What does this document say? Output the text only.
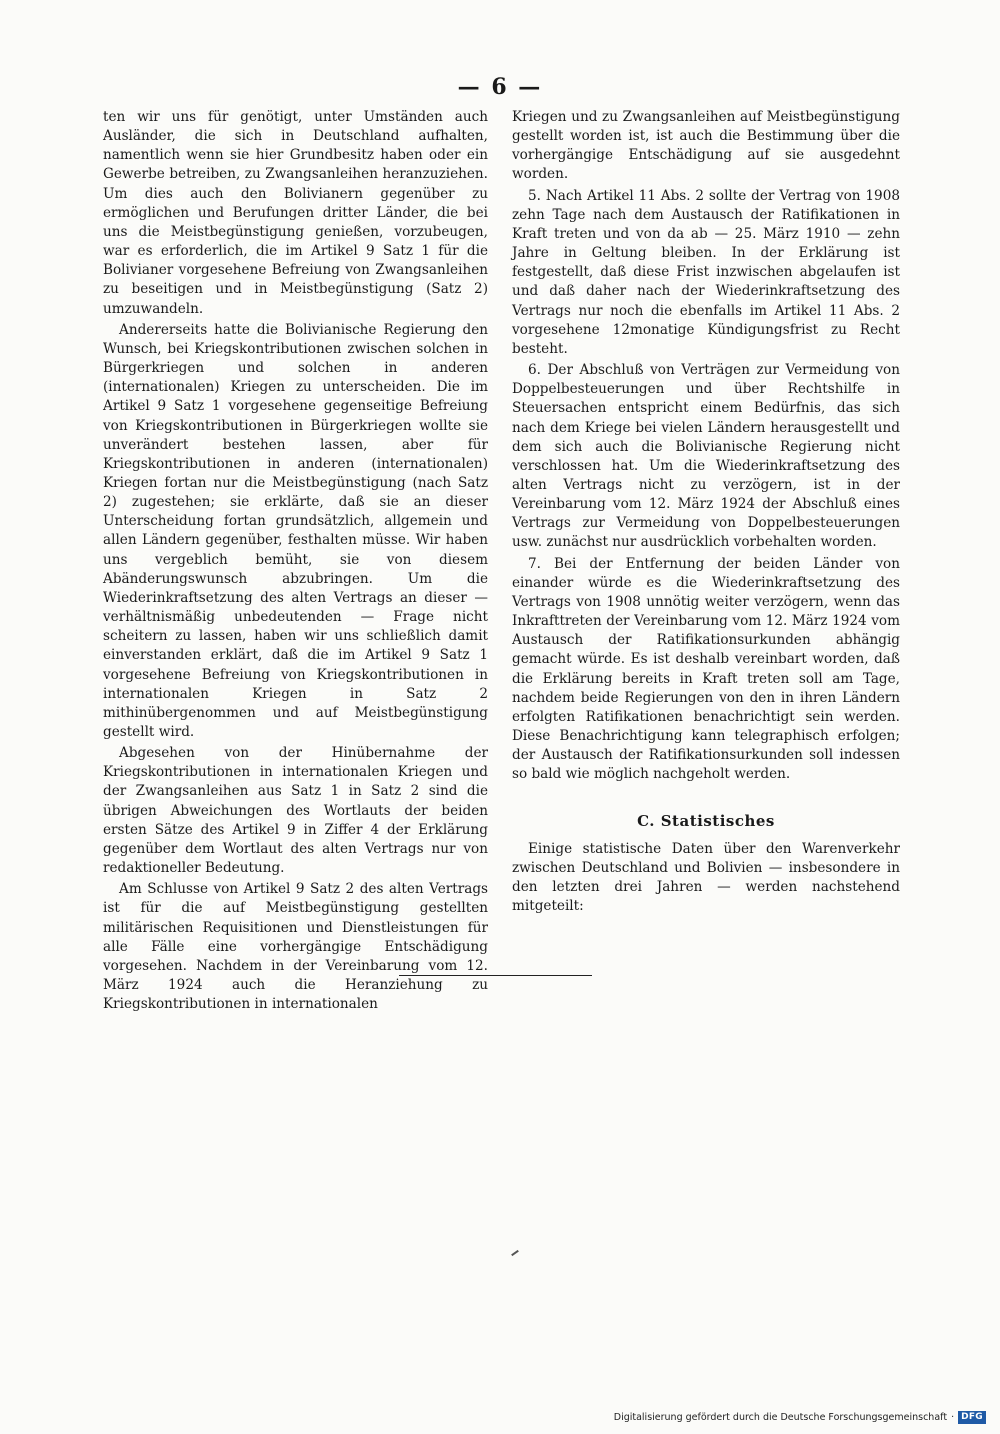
— 6 —

ten wir uns für genötigt, unter Umständen auch Ausländer, die sich in Deutschland aufhalten, namentlich wenn sie hier Grundbesitz haben oder ein Gewerbe betreiben, zu Zwangsanleihen heranzuziehen. Um dies auch den Bolivianern gegenüber zu ermöglichen und Berufungen dritter Länder, die bei uns die Meistbegünstigung genießen, vorzubeugen, war es erforderlich, die im Artikel 9 Satz 1 für die Bolivianer vorgesehene Befreiung von Zwangsanleihen zu beseitigen und in Meistbegünstigung (Satz 2) umzuwandeln.

Andererseits hatte die Bolivianische Regierung den Wunsch, bei Kriegskontributionen zwischen solchen in Bürgerkriegen und solchen in anderen (internationalen) Kriegen zu unterscheiden. Die im Artikel 9 Satz 1 vorgesehene gegenseitige Befreiung von Kriegskontributionen in Bürgerkriegen wollte sie unverändert bestehen lassen, aber für Kriegskontributionen in anderen (internationalen) Kriegen fortan nur die Meistbegünstigung (nach Satz 2) zugestehen; sie erklärte, daß sie an dieser Unterscheidung fortan grundsätzlich, allgemein und allen Ländern gegenüber, festhalten müsse. Wir haben uns vergeblich bemüht, sie von diesem Abänderungswunsch abzubringen. Um die Wiederinkraftsetzung des alten Vertrags an dieser — verhältnismäßig unbedeutenden — Frage nicht scheitern zu lassen, haben wir uns schließlich damit einverstanden erklärt, daß die im Artikel 9 Satz 1 vorgesehene Befreiung von Kriegskontributionen in internationalen Kriegen in Satz 2 mithinübergenommen und auf Meistbegünstigung gestellt wird.

Abgesehen von der Hinübernahme der Kriegskontributionen in internationalen Kriegen und der Zwangsanleihen aus Satz 1 in Satz 2 sind die übrigen Abweichungen des Wortlauts der beiden ersten Sätze des Artikel 9 in Ziffer 4 der Erklärung gegenüber dem Wortlaut des alten Vertrags nur von redaktioneller Bedeutung.

Am Schlusse von Artikel 9 Satz 2 des alten Vertrags ist für die auf Meistbegünstigung gestellten militärischen Requisitionen und Dienstleistungen für alle Fälle eine vorhergängige Entschädigung vorgesehen. Nachdem in der Vereinbarung vom 12. März 1924 auch die Heranziehung zu Kriegskontributionen in internationalen

Kriegen und zu Zwangsanleihen auf Meistbegünstigung gestellt worden ist, ist auch die Bestimmung über die vorhergängige Entschädigung auf sie ausgedehnt worden.

5. Nach Artikel 11 Abs. 2 sollte der Vertrag von 1908 zehn Tage nach dem Austausch der Ratifikationen in Kraft treten und von da ab — 25. März 1910 — zehn Jahre in Geltung bleiben. In der Erklärung ist festgestellt, daß diese Frist inzwischen abgelaufen ist und daß daher nach der Wiederinkraftsetzung des Vertrags nur noch die ebenfalls im Artikel 11 Abs. 2 vorgesehene 12monatige Kündigungsfrist zu Recht besteht.

6. Der Abschluß von Verträgen zur Vermeidung von Doppelbesteuerungen und über Rechtshilfe in Steuersachen entspricht einem Bedürfnis, das sich nach dem Kriege bei vielen Ländern herausgestellt und dem sich auch die Bolivianische Regierung nicht verschlossen hat. Um die Wiederinkraftsetzung des alten Vertrags nicht zu verzögern, ist in der Vereinbarung vom 12. März 1924 der Abschluß eines Vertrags zur Vermeidung von Doppelbesteuerungen usw. zunächst nur ausdrücklich vorbehalten worden.

7. Bei der Entfernung der beiden Länder von einander würde es die Wiederinkraftsetzung des Vertrags von 1908 unnötig weiter verzögern, wenn das Inkrafttreten der Vereinbarung vom 12. März 1924 vom Austausch der Ratifikationsurkunden abhängig gemacht würde. Es ist deshalb vereinbart worden, daß die Erklärung bereits in Kraft treten soll am Tage, nachdem beide Regierungen von den in ihren Ländern erfolgten Ratifikationen benachrichtigt sein werden. Diese Benachrichtigung kann telegraphisch erfolgen; der Austausch der Ratifikationsurkunden soll indessen so bald wie möglich nachgeholt werden.

C. Statistisches

Einige statistische Daten über den Warenverkehr zwischen Deutschland und Bolivien — insbesondere in den letzten drei Jahren — werden nachstehend mitgeteilt:

Digitalisierung gefördert durch die Deutsche Forschungsgemeinschaft · DFG
